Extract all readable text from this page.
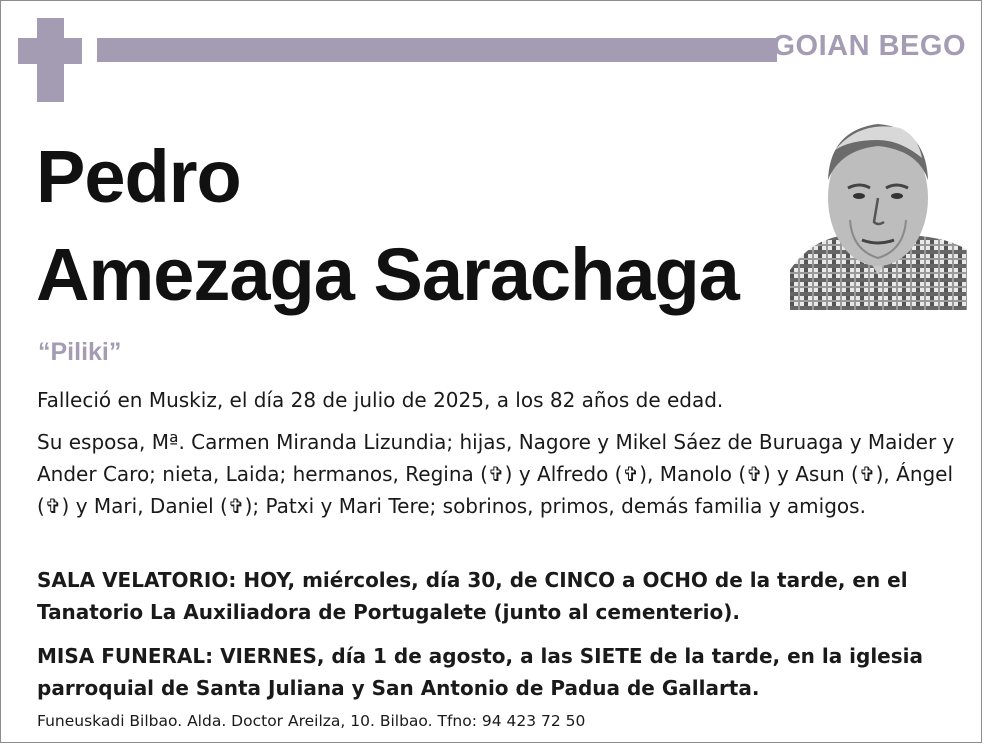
GOIAN BEGO
Pedro
Amezaga Sarachaga
“Piliki”

Falleció en Muskiz, el día 28 de julio de 2025, a los 82 años de edad.

Su esposa, Mª. Carmen Miranda Lizundia; hijas, Nagore y Mikel Sáez de Buruaga y Maider y Ander Caro; nieta, Laida; hermanos, Regina (✞) y Alfredo (✞), Manolo (✞) y Asun (✞), Ángel (✞) y Mari, Daniel (✞); Patxi y Mari Tere; sobrinos, primos, demás familia y amigos.

SALA VELATORIO: HOY, miércoles, día 30, de CINCO a OCHO de la tarde, en el Tanatorio La Auxiliadora de Portugalete (junto al cementerio).

MISA FUNERAL: VIERNES, día 1 de agosto, a las SIETE de la tarde, en la iglesia parroquial de Santa Juliana y San Antonio de Padua de Gallarta.

Funeuskadi Bilbao. Alda. Doctor Areilza, 10. Bilbao. Tfno: 94 423 72 50
